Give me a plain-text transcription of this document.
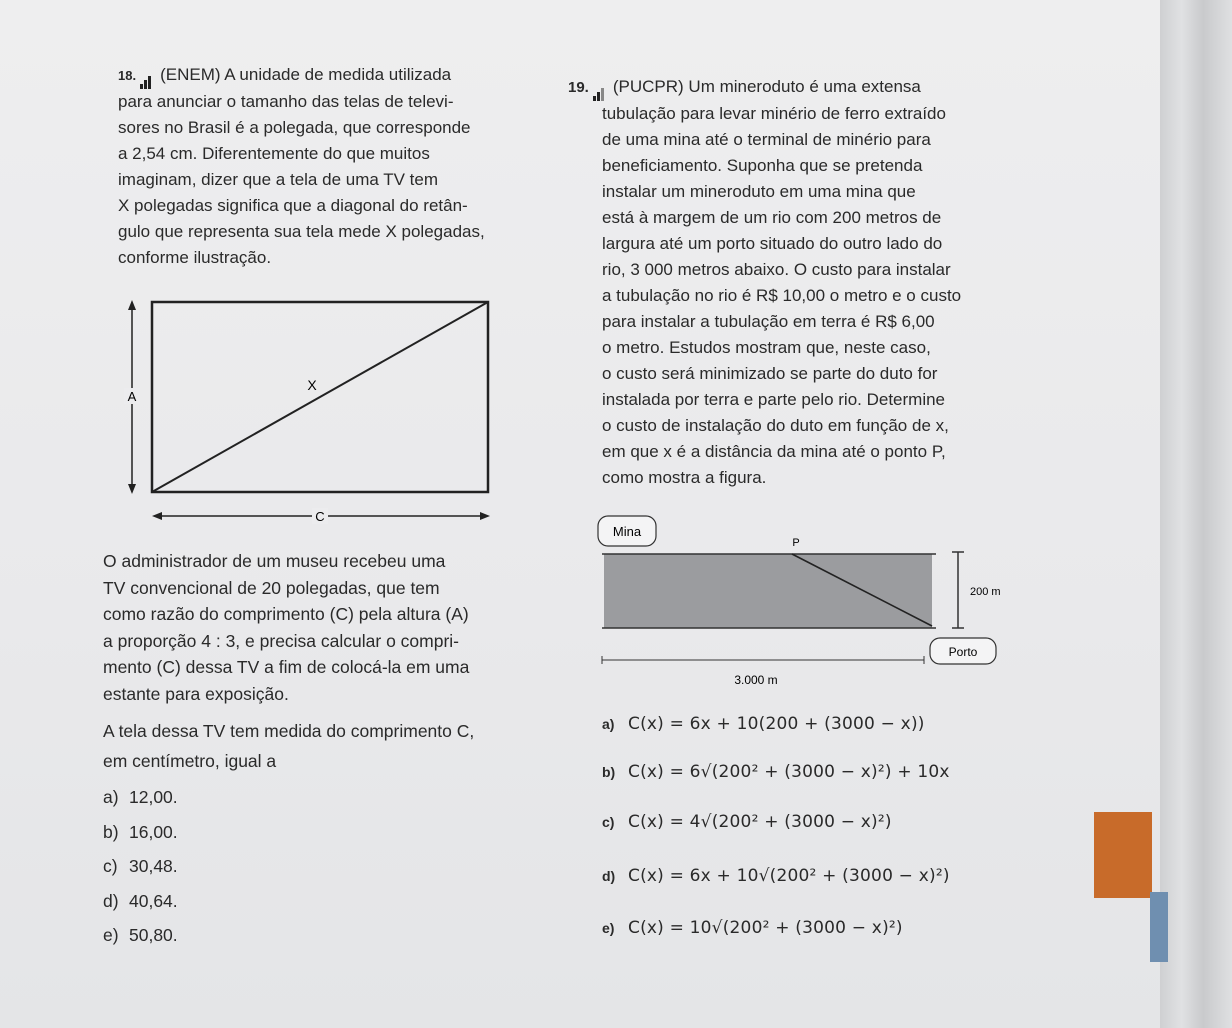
18. (ENEM) A unidade de medida utilizada

para anunciar o tamanho das telas de televi-

sores no Brasil é a polegada, que corresponde

a 2,54 cm. Diferentemente do que muitos

imaginam, dizer que a tela de uma TV tem

X polegadas significa que a diagonal do retân-

gulo que representa sua tela mede X polegadas,

conforme ilustração.

A
C
X

O administrador de um museu recebeu uma

TV convencional de 20 polegadas, que tem

como razão do comprimento (C) pela altura (A)

a proporção 4 : 3, e precisa calcular o compri-

mento (C) dessa TV a fim de colocá-la em uma

estante para exposição.

A tela dessa TV tem medida do comprimento C,

em centímetro, igual a

a) 12,00.
b) 16,00.
c) 30,48.
d) 40,64.
e) 50,80.

19. (PUCPR) Um mineroduto é uma extensa

tubulação para levar minério de ferro extraído

de uma mina até o terminal de minério para

beneficiamento. Suponha que se pretenda

instalar um mineroduto em uma mina que

está à margem de um rio com 200 metros de

largura até um porto situado do outro lado do

rio, 3 000 metros abaixo. O custo para instalar

a tubulação no rio é R$ 10,00 o metro e o custo

para instalar a tubulação em terra é R$ 6,00

o metro. Estudos mostram que, neste caso,

o custo será minimizado se parte do duto for

instalada por terra e parte pelo rio. Determine

o custo de instalação do duto em função de x,

em que x é a distância da mina até o ponto P,

como mostra a figura.

Mina
P
200 m
Porto
3.000 m
a) C(x) = 6x + 10(200 + (3000 − x))
b) C(x) = 6√(200² + (3000 − x)²) + 10x
c) C(x) = 4√(200² + (3000 − x)²)
d) C(x) = 6x + 10√(200² + (3000 − x)²)
e) C(x) = 10√(200² + (3000 − x)²)
